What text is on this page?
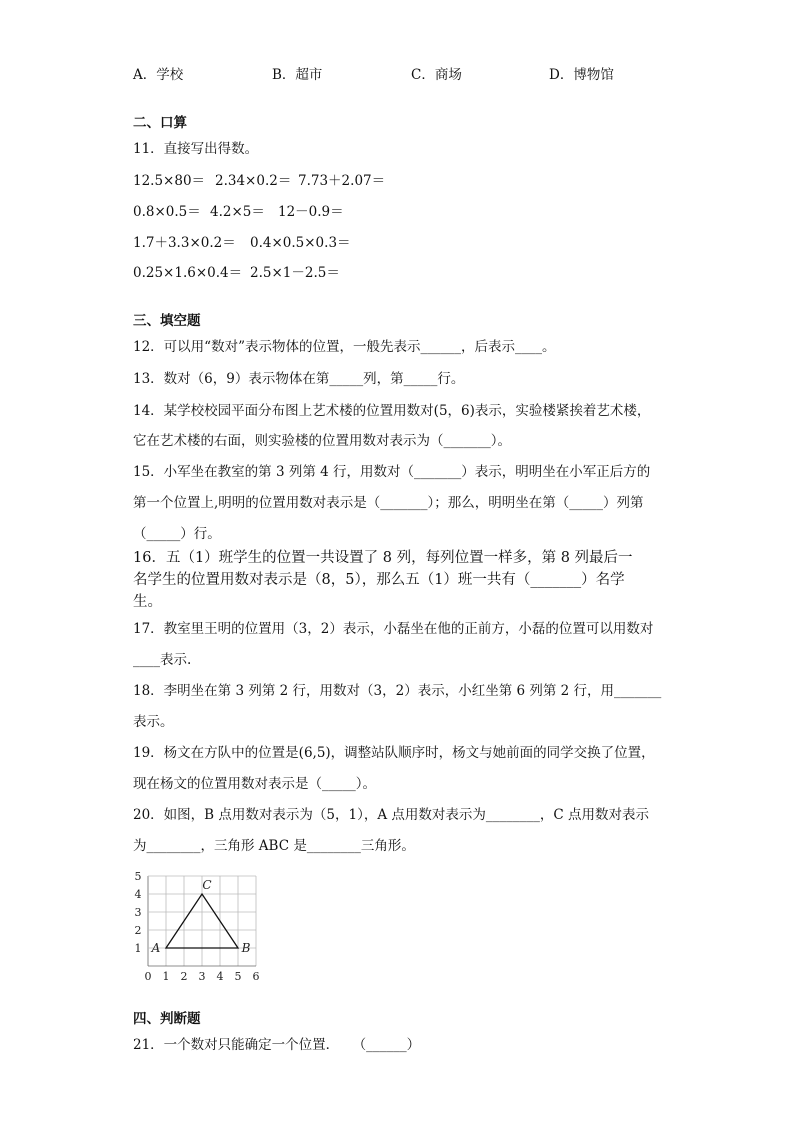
A．学校	B．超市	C．商场	D．博物馆
二、口算
11．直接写出得数。
12.5×80＝ 2.34×0.2＝ 7.73＋2.07＝
0.8×0.5＝ 4.2×5＝ 12－0.9＝
1.7＋3.3×0.2＝ 0.4×0.5×0.3＝
0.25×1.6×0.4＝ 2.5×1－2.5＝
三、填空题
12．可以用“数对”表示物体的位置，一般先表示______，后表示____。
13．数对（6，9）表示物体在第_____列，第_____行。
14．某学校校园平面分布图上艺术楼的位置用数对(5，6)表示，实验楼紧挨着艺术楼，
它在艺术楼的右面，则实验楼的位置用数对表示为（_______）。
15．小军坐在教室的第 3 列第 4 行，用数对（_______）表示，明明坐在小军正后方的
第一个位置上,明明的位置用数对表示是（_______）；那么，明明坐在第（_____）列第
（_____）行。
16．五（1）班学生的位置一共设置了 8 列，每列位置一样多，第 8 列最后一
名学生的位置用数对表示是（8，5），那么五（1）班一共有（_______）名学
生。
17．教室里王明的位置用（3，2）表示，小磊坐在他的正前方，小磊的位置可以用数对
____表示.
18．李明坐在第 3 列第 2 行，用数对（3，2）表示，小红坐第 6 列第 2 行，用_______
表示。
19．杨文在方队中的位置是(6,5)，调整站队顺序时，杨文与她前面的同学交换了位置，
现在杨文的位置用数对表示是（_____）。
20．如图，B 点用数对表示为（5，1），A 点用数对表示为________，C 点用数对表示
为________，三角形 ABC 是________三角形。
0 1 2 3 4 5 6
1
2
3
4
5
A	B
C
四、判断题
21．一个数对只能确定一个位置．　　（______）
